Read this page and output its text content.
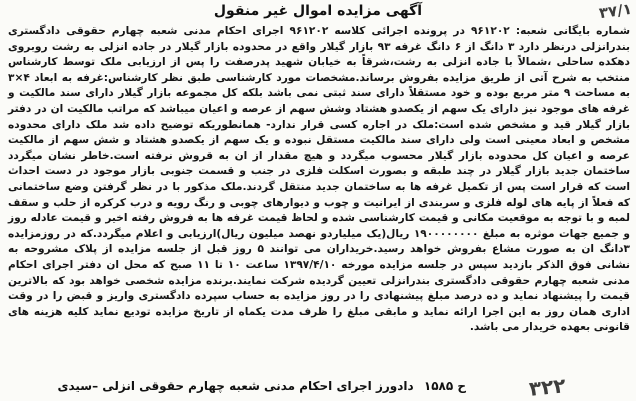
۳۷/۱
آگهی مزایده اموال غیر منقول

شماره بایگانی شعبه: ۹۶۱۲۰۲ در پرونده اجرائی کلاسه ۹۶۱۲۰۲ اجرای احکام مدنی شعبه چهارم حقوقی دادگستری بندرانزلی درنظر دارد ۳ دانگ از ۶ دانگ غرفه ۹۳ بازار گیلار واقع در محدوده بازار گیلار در جاده انزلی به رشت روبروی دهکده ساحلی ،شمالاً با جاده انزلی به رشت،شرقاً به خیابان شهید پدرصفت را پس از ارزیابی ملک توسط کارشناس منتخب به شرح آتی از طریق مزایده بفروش برساند.مشخصات مورد کارشناسی طبق نظر کارشناس:غرفه به ابعاد ۴×۳ به مساحت ۹ متر مربع بوده و خود مستقلاً دارای سند ثبتی نمی باشد بلکه کل مجموعه بازار گیلار دارای سند مالکیت و غرفه های موجود نیز دارای یک سهم از یکصدو هشتاد وشش سهم از عرصه و اعیان میباشد که مراتب مالکیت ان در دفتر بازار گیلار قید و مشخص شده است:ملک در اجاره کسی قرار ندارد- همانطوریکه توضیح داده شد ملک دارای محدوده مشخص و ابعاد معینی است ولی دارای سند مالکیت مستقل نبوده و یک سهم از یکصدو هشتاد و شش سهم از مالکیت عرصه و اعیان کل محدوده بازار گیلار محسوب میگردد و هیچ مقدار از ان به قروش نرفته است.خاطر نشان میگردد ساختمان جدید بازار گیلار در چند طبقه و بصورت اسکلت فلزی در جنب و قسمت جنوبی بازار موجود در دست احداث است که قرار است پس از تکمیل غرفه ها به ساختمان جدید منتقل گردند.ملک مذکور با در نظر گرفتن وضع ساختمانی که فعلاً از پایه های لوله فلزی و سربندی از ایرانیت و چوب و دیوارهای چوبی و رنگ رویه و درب کرکره از حلب و سقف لمبه و با توجه به موقعیت مکانی و قیمت کارشناسی شده و لحاظ قیمت غرفه ها به فروش رفته اخیر و قیمت عادله روز و جمیع جهات موثره به مبلغ ۱۹۰۰۰۰۰۰۰۰ ریال(یک میلیاردو نهصد میلیون ریال)ارزیابی و اعلام میگردد.که در روزمزایده ۳دانگ ان به صورت مشاع بفروش خواهد رسید.خریداران می توانند ۵ روز قبل از جلسه مزایده از پلاک مشروحه به نشانی فوق الذکر بازدید سپس در جلسه مزایده مورخه ۱۳۹۷/۴/۱۰ ساعت ۱۰ تا ۱۱ صبح که محل ان دفتر اجرای احکام مدنی شعبه چهارم حقوقی دادگستری بندرانزلی تعیین گردیده شرکت نمایند.برنده مزایده شخصی خواهد بود که بالاترین قیمت را پیشنهاد نماید و ده درصد مبلغ پیشنهادی را در روز مزایده به حساب سپرده دادگستری واریز و قبض را در وقت اداری همان روز به این اجرا ارائه نماید و مابقی مبلغ را ظرف مدت یکماه از تاریخ مزایده تودیع نماید کلیه هزینه های قانونی بعهده خریدار می باشد.

ح ۱۵۸۵ دادورز اجرای احکام مدنی شعبه چهارم حقوقی انزلی –سیدی	۳۲۲
